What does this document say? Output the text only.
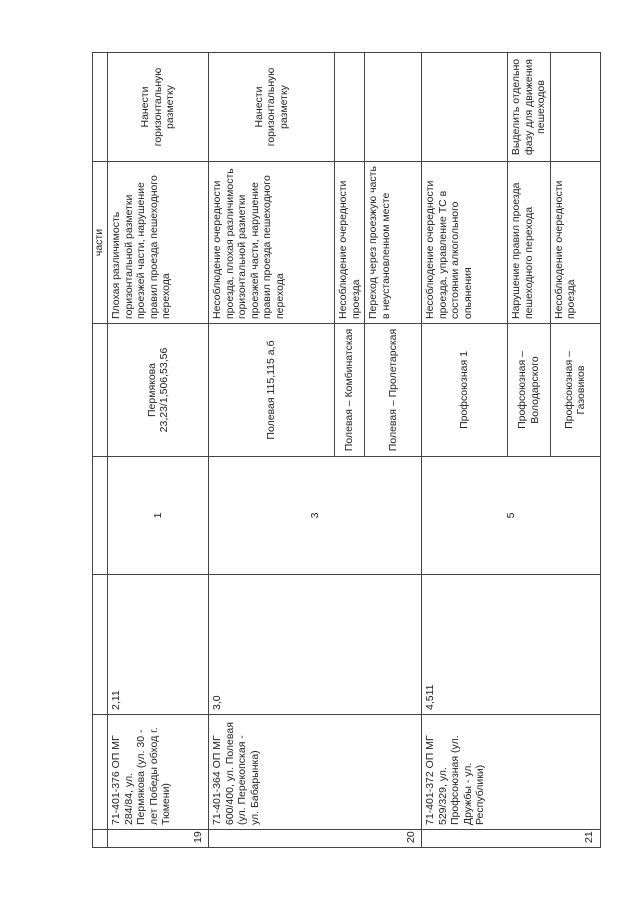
					части	
19	71-401-376 ОП МГ 284/84, ул. Пермякова (ул. 30 - лет Победы обход г. Тюмени)	2,11	1	Пермякова 23,23/1,506,53,56	Плохая различимость горизонтальной разметки проезжей части, нарушение правил проезда пешеходного перехода	Нанести горизонтальную разметку
20	71-401-364 ОП МГ 600/400, ул. Полевая (ул. Перекопская - ул. Бабарынка)	3,0	3	Полевая 115,115 а,б	Несоблюдение очередности проезда, плохая различимость горизонтальной разметки проезжей части, нарушение правил проезда пешеходного перехода	Нанести горизонтальную разметку
				Полевая – Комбинатская	Несоблюдение очередности проезда	
				Полевая – Пролетарская	Переход через проезжую часть в неустановленном месте	
21	71-401-372 ОП МГ 529/329, ул. Профсоюзная (ул. Дружбы - ул. Республики)	4,511	5	Профсоюзная 1	Несоблюдение очередности проезда, управление ТС в состоянии алкогольного опьянения	
				Профсоюзная – Володарского	Нарушение правил проезда пешеходного перехода	Выделить отдельно фазу для движения пешеходов
				Профсоюзная – Газовиков	Несоблюдение очередности проезда	
